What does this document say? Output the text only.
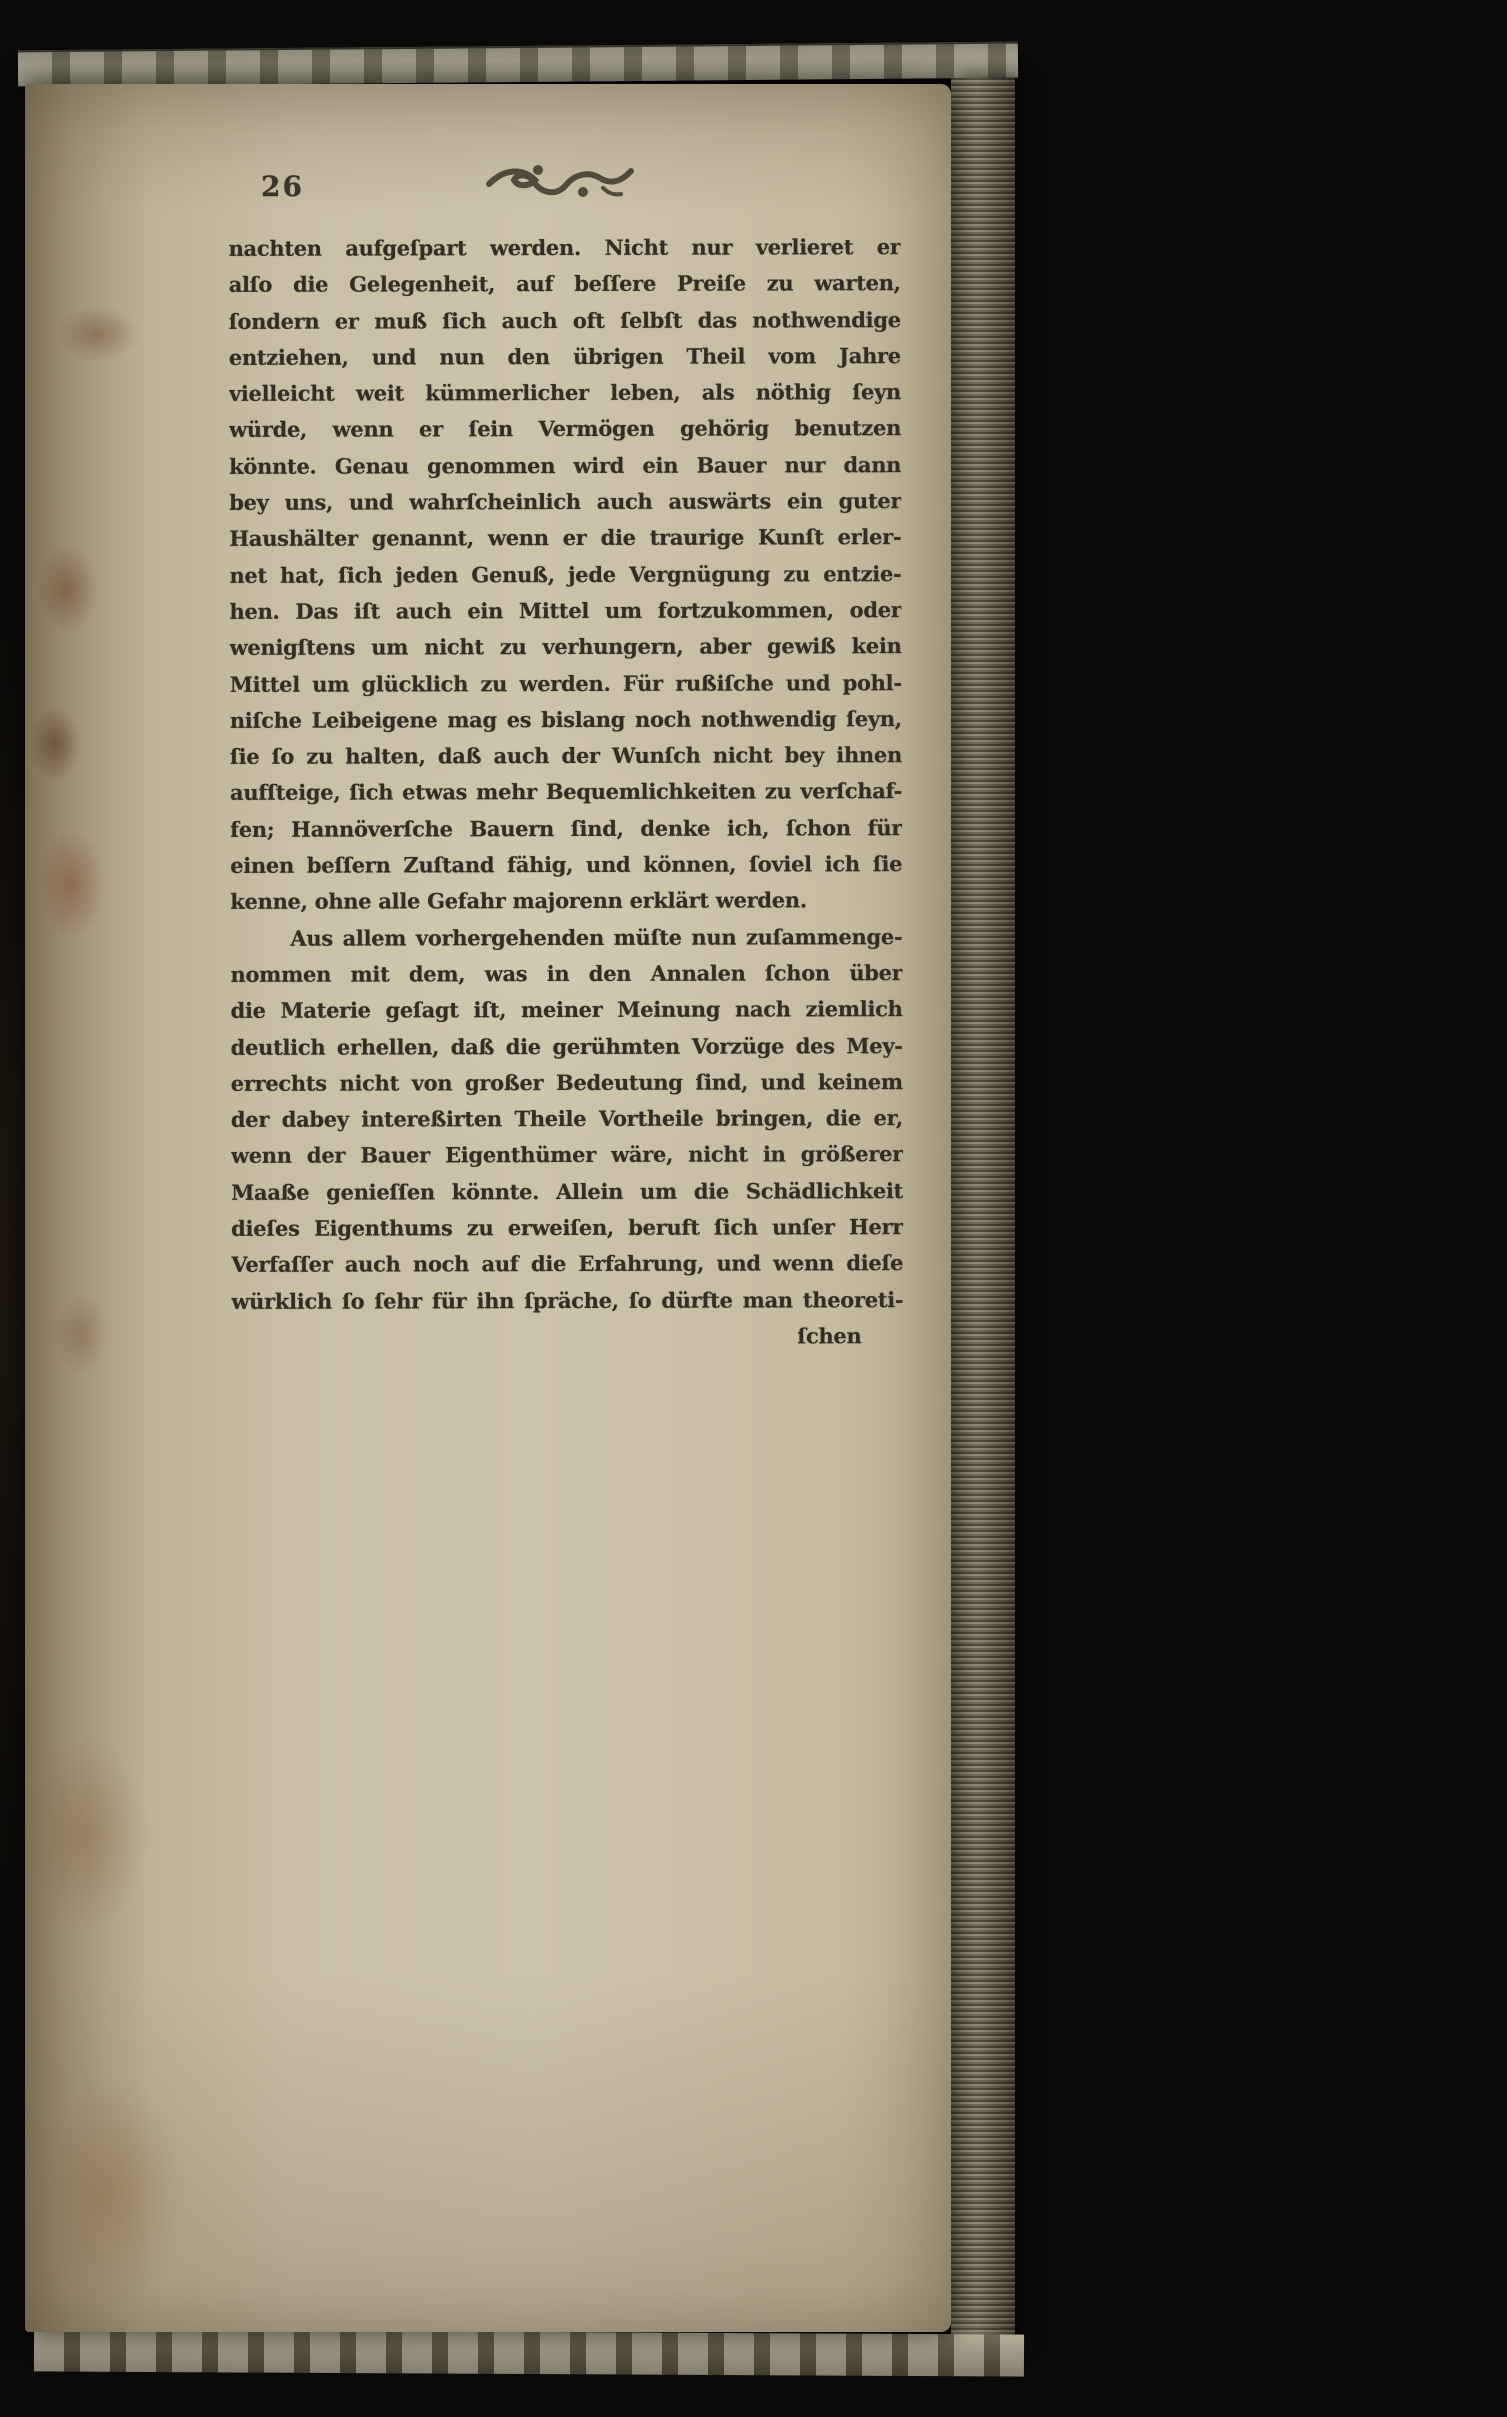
26
nachten aufgeſpart werden. Nicht nur verlieret er
alſo die Gelegenheit, auf beſſere Preiſe zu warten,
ſondern er muß ſich auch oft ſelbſt das nothwendige
entziehen, und nun den übrigen Theil vom Jahre
vielleicht weit kümmerlicher leben, als nöthig ſeyn
würde, wenn er ſein Vermögen gehörig benutzen
könnte. Genau genommen wird ein Bauer nur dann
bey uns, und wahrſcheinlich auch auswärts ein guter
Haushälter genannt, wenn er die traurige Kunſt erler-
net hat, ſich jeden Genuß, jede Vergnügung zu entzie-
hen. Das iſt auch ein Mittel um fortzukommen, oder
wenigſtens um nicht zu verhungern, aber gewiß kein
Mittel um glücklich zu werden. Für rußiſche und pohl-
niſche Leibeigene mag es bislang noch nothwendig ſeyn,
ſie ſo zu halten, daß auch der Wunſch nicht bey ihnen
aufſteige, ſich etwas mehr Bequemlichkeiten zu verſchaf-
fen; Hannöverſche Bauern ſind, denke ich, ſchon für
einen beſſern Zuſtand fähig, und können, ſoviel ich ſie
kenne, ohne alle Gefahr majorenn erklärt werden.
Aus allem vorhergehenden müſte nun zuſammenge-
nommen mit dem, was in den Annalen ſchon über
die Materie geſagt iſt, meiner Meinung nach ziemlich
deutlich erhellen, daß die gerühmten Vorzüge des Mey-
errechts nicht von großer Bedeutung ſind, und keinem
der dabey intereßirten Theile Vortheile bringen, die er,
wenn der Bauer Eigenthümer wäre, nicht in größerer
Maaße genieſſen könnte. Allein um die Schädlichkeit
dieſes Eigenthums zu erweiſen, beruft ſich unſer Herr
Verfaſſer auch noch auf die Erfahrung, und wenn dieſe
würklich ſo ſehr für ihn ſpräche, ſo dürfte man theoreti-
ſchen
